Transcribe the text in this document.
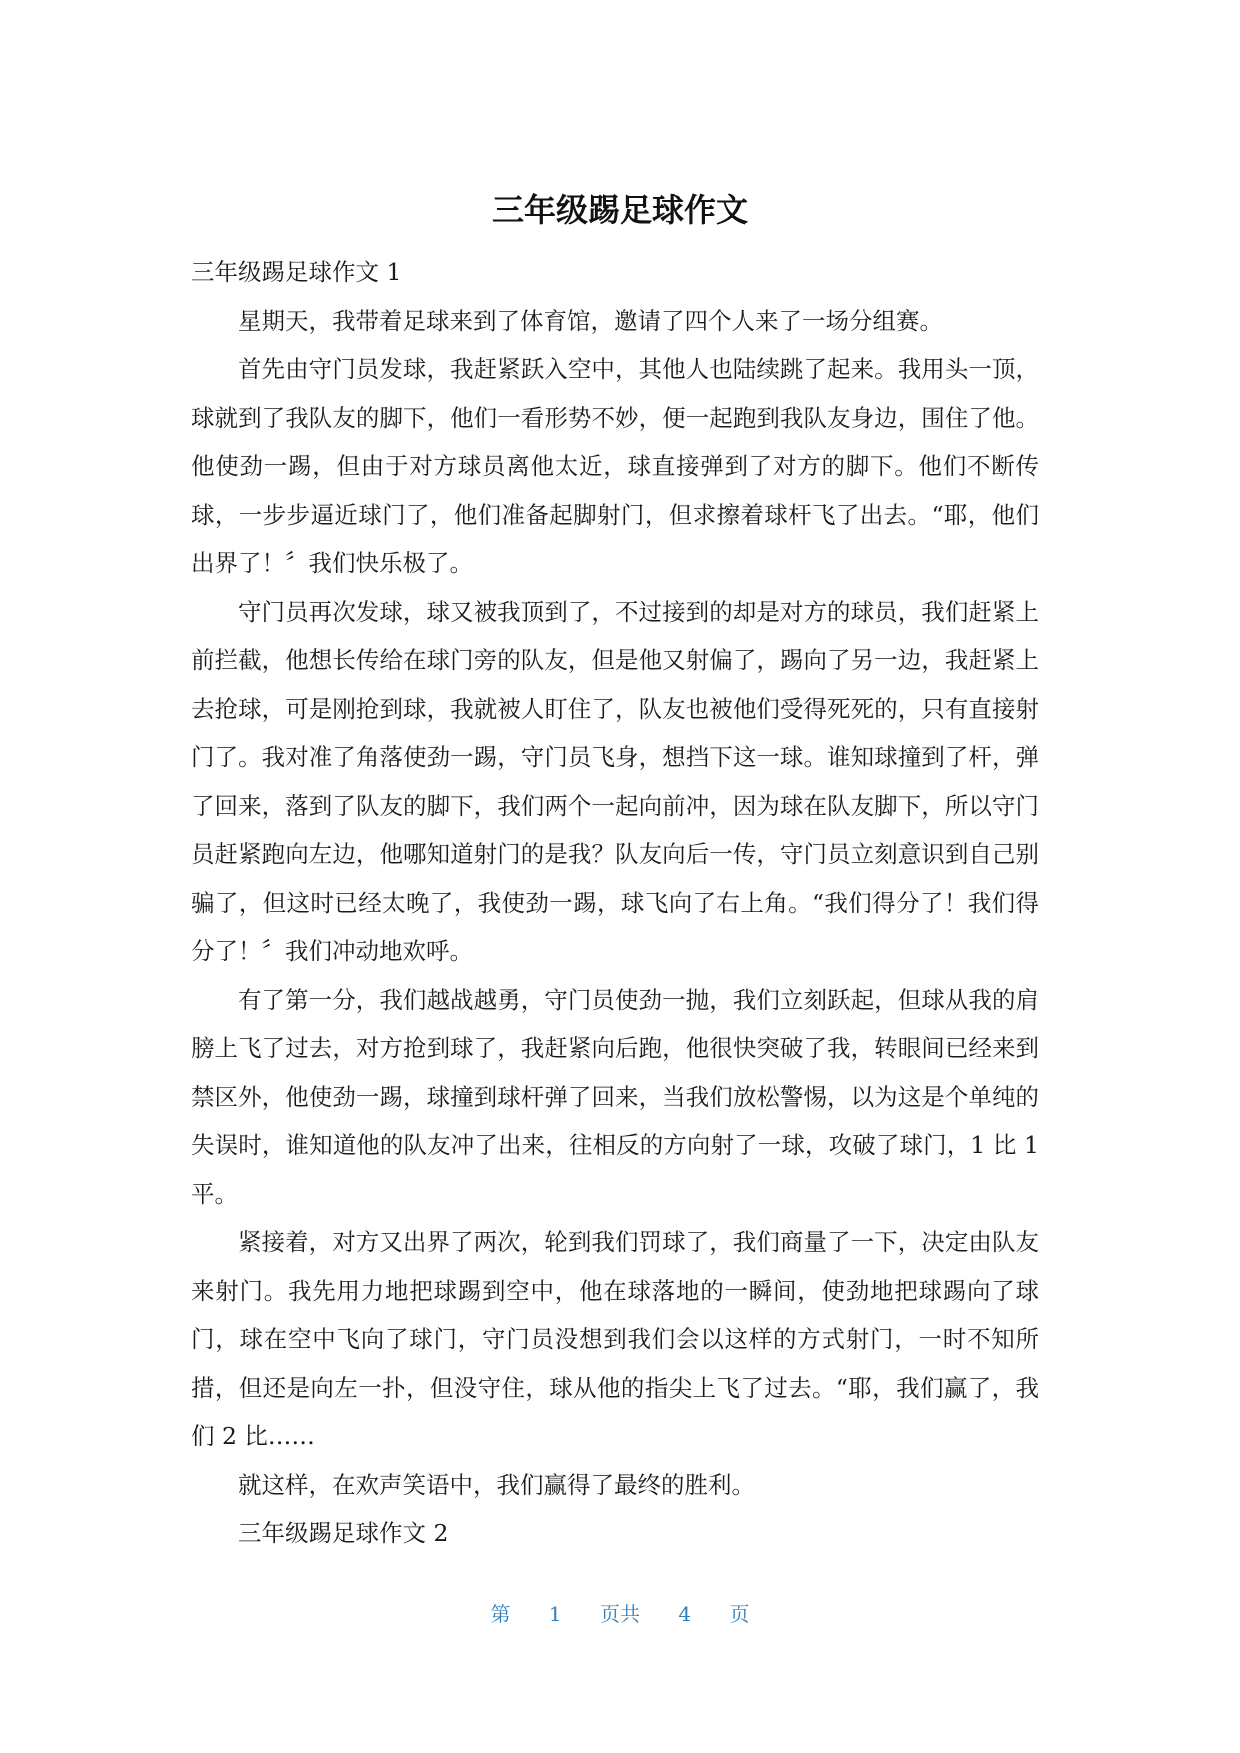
三年级踢足球作文

三年级踢足球作文 1

星期天，我带着足球来到了体育馆，邀请了四个人来了一场分组赛。

首先由守门员发球，我赶紧跃入空中，其他人也陆续跳了起来。我用头一顶，球就到了我队友的脚下，他们一看形势不妙，便一起跑到我队友身边，围住了他。他使劲一踢，但由于对方球员离他太近，球直接弹到了对方的脚下。他们不断传球，一步步逼近球门了，他们准备起脚射门，但求擦着球杆飞了出去。“耶，他们出界了！〞我们快乐极了。

守门员再次发球，球又被我顶到了，不过接到的却是对方的球员，我们赶紧上前拦截，他想长传给在球门旁的队友，但是他又射偏了，踢向了另一边，我赶紧上去抢球，可是刚抢到球，我就被人盯住了，队友也被他们受得死死的，只有直接射门了。我对准了角落使劲一踢，守门员飞身，想挡下这一球。谁知球撞到了杆，弹了回来，落到了队友的脚下，我们两个一起向前冲，因为球在队友脚下，所以守门员赶紧跑向左边，他哪知道射门的是我？队友向后一传，守门员立刻意识到自己别骗了，但这时已经太晚了，我使劲一踢，球飞向了右上角。“我们得分了！我们得分了！〞我们冲动地欢呼。

有了第一分，我们越战越勇，守门员使劲一抛，我们立刻跃起，但球从我的肩膀上飞了过去，对方抢到球了，我赶紧向后跑，他很快突破了我，转眼间已经来到禁区外，他使劲一踢，球撞到球杆弹了回来，当我们放松警惕，以为这是个单纯的失误时，谁知道他的队友冲了出来，往相反的方向射了一球，攻破了球门，1 比 1 平。

紧接着，对方又出界了两次，轮到我们罚球了，我们商量了一下，决定由队友来射门。我先用力地把球踢到空中，他在球落地的一瞬间，使劲地把球踢向了球门，球在空中飞向了球门，守门员没想到我们会以这样的方式射门，一时不知所措，但还是向左一扑，但没守住，球从他的指尖上飞了过去。“耶，我们赢了，我们 2 比……

就这样，在欢声笑语中，我们赢得了最终的胜利。

三年级踢足球作文 2

第 1 页共 4 页
